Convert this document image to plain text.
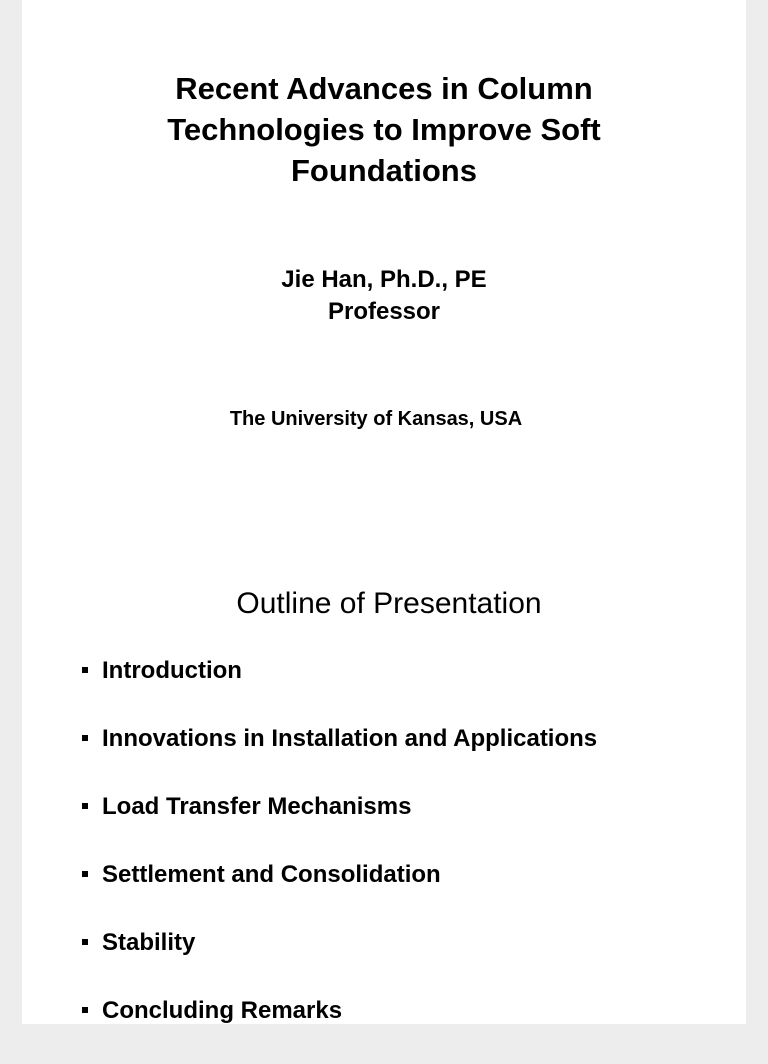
Recent Advances in Column
Technologies to Improve Soft
Foundations
Jie Han, Ph.D., PE
Professor
The University of Kansas, USA
Outline of Presentation
Introduction
Innovations in Installation and Applications
Load Transfer Mechanisms
Settlement and Consolidation
Stability
Concluding Remarks
